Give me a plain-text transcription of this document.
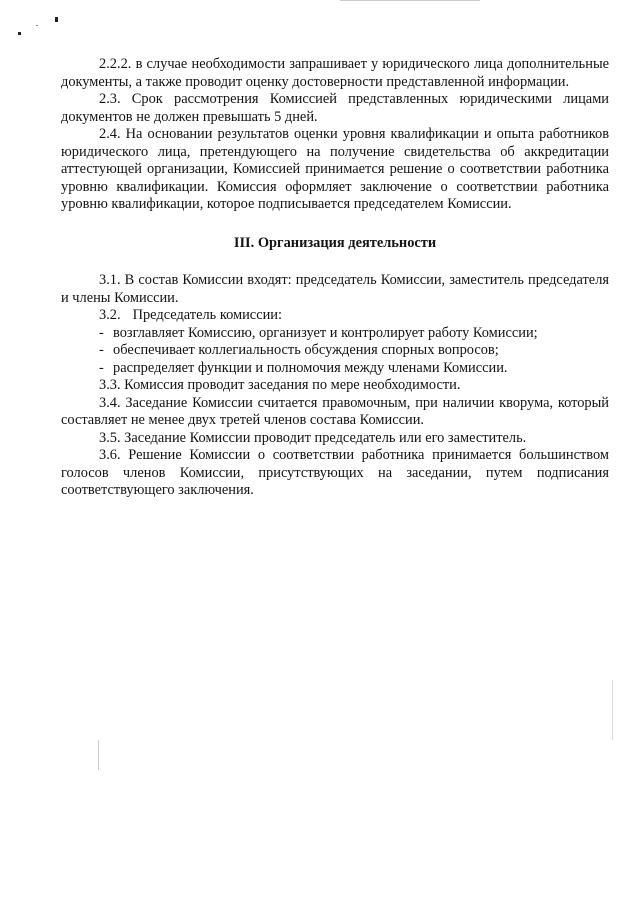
2.2.2. в случае необходимости запрашивает у юридического лица дополнительные документы, а также проводит оценку достоверности представленной информации.

2.3. Срок рассмотрения Комиссией представленных юридическими лицами документов не должен превышать 5 дней.

2.4. На основании результатов оценки уровня квалификации и опыта работников юридического лица, претендующего на получение свидетельства об аккредитации аттестующей организации, Комиссией принимается решение о соответствии работника уровню квалификации. Комиссия оформляет заключение о соответствии работника уровню квалификации, которое подписывается председателем Комиссии.

III. Организация деятельности

3.1. В состав Комиссии входят: председатель Комиссии, заместитель председателя и члены Комиссии.

3.2. Председатель комиссии:

- возглавляет Комиссию, организует и контролирует работу Комиссии;

- обеспечивает коллегиальность обсуждения спорных вопросов;

- распределяет функции и полномочия между членами Комиссии.

3.3. Комиссия проводит заседания по мере необходимости.

3.4. Заседание Комиссии считается правомочным, при наличии кворума, который составляет не менее двух третей членов состава Комиссии.

3.5. Заседание Комиссии проводит председатель или его заместитель.

3.6. Решение Комиссии о соответствии работника принимается большинством голосов членов Комиссии, присутствующих на заседании, путем подписания соответствующего заключения.
